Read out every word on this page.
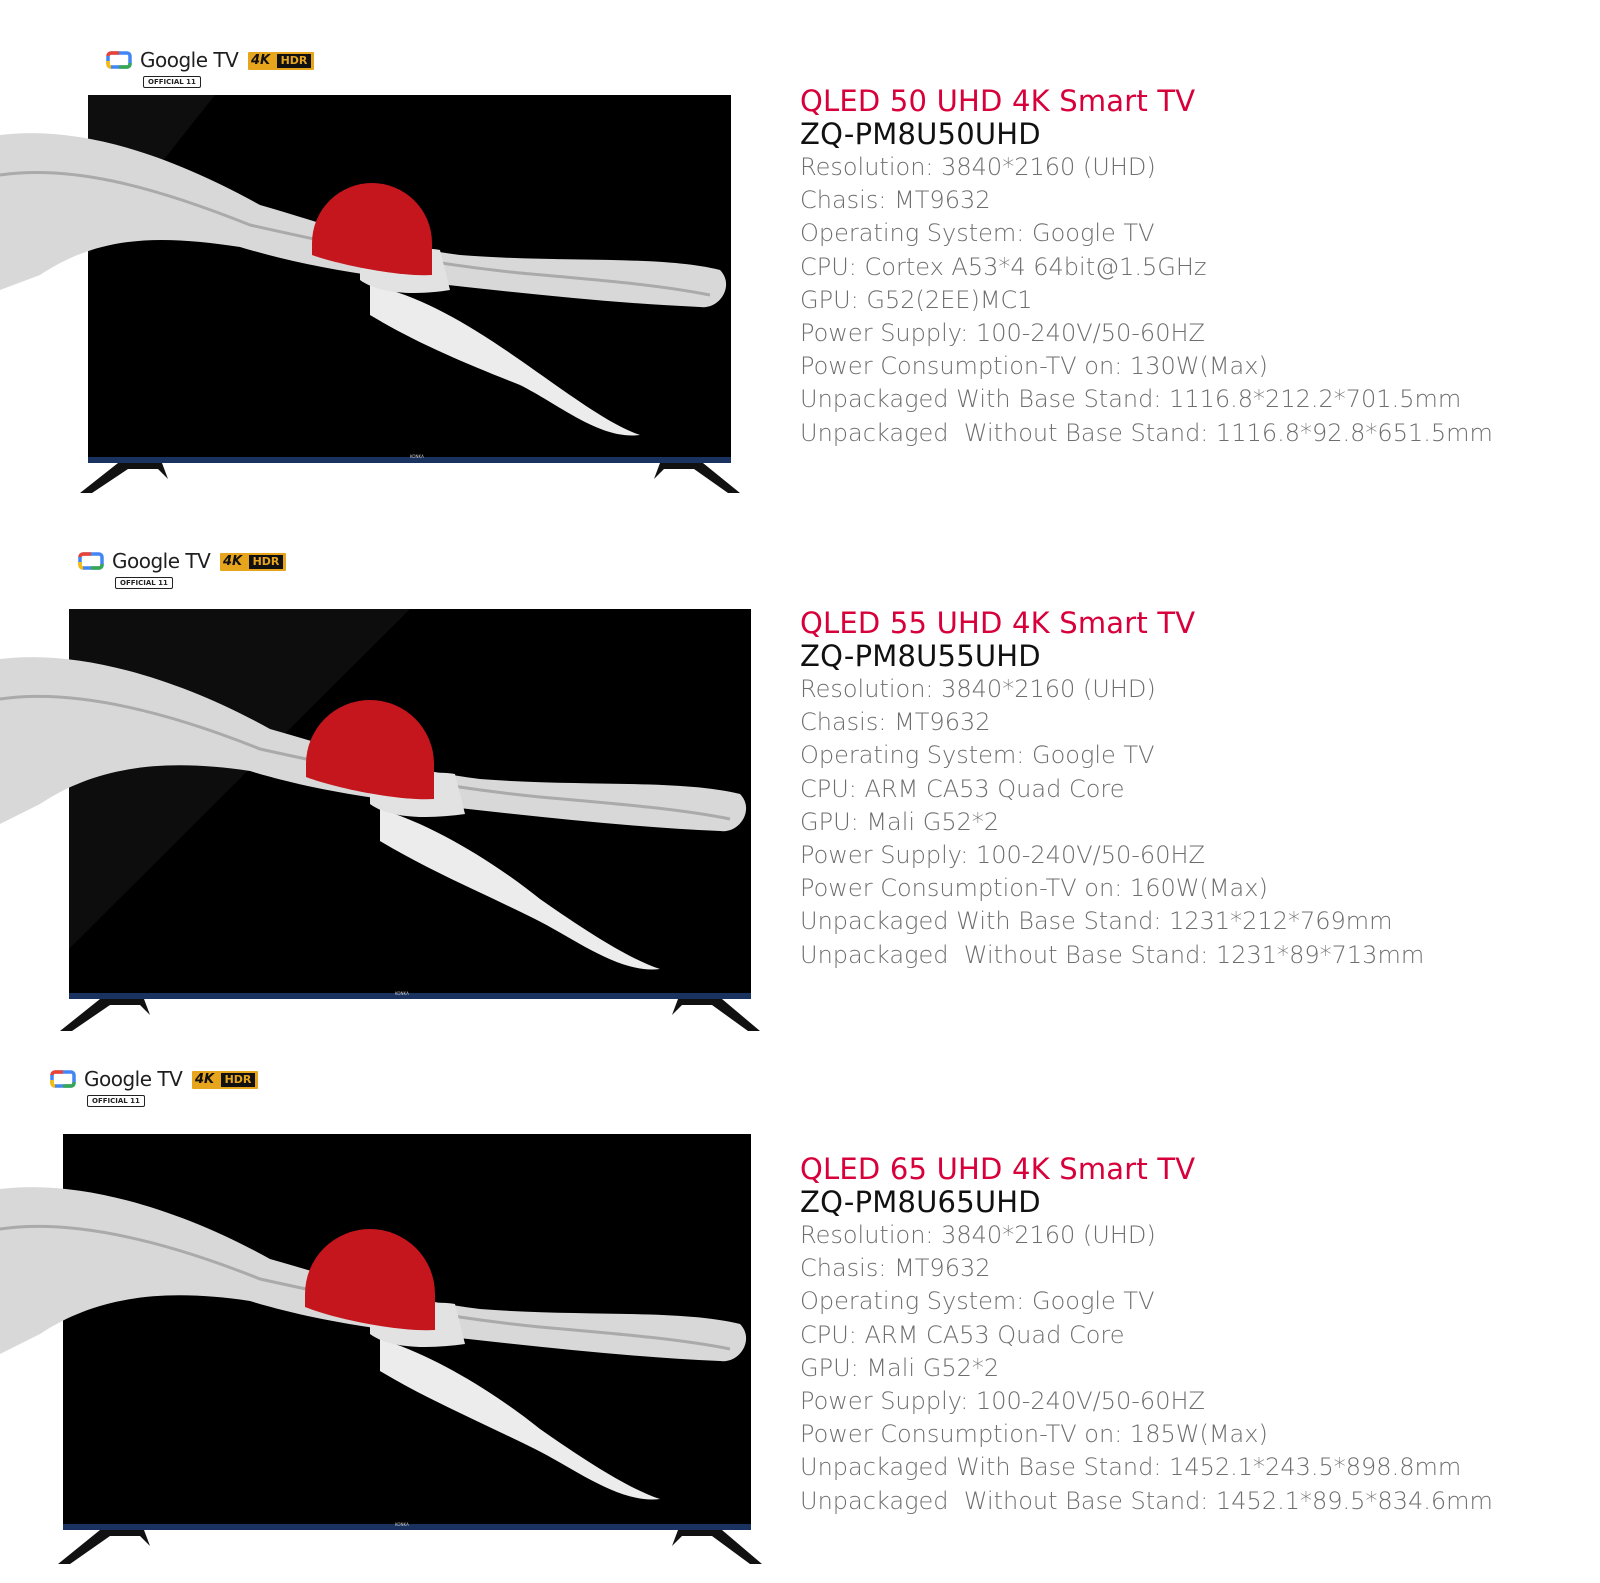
Google TV 4K HDR
OFFICIAL 11
KONKA
QLED 50 UHD 4K Smart TV
ZQ-PM8U50UHD
Resolution: 3840*2160 (UHD)
Chasis: MT9632
Operating System: Google TV
CPU: Cortex A53*4 64bit@1.5GHz
GPU: G52(2EE)MC1
Power Supply: 100-240V/50-60HZ
Power Consumption-TV on: 130W(Max)
Unpackaged With Base Stand: 1116.8*212.2*701.5mm
Unpackaged  Without Base Stand: 1116.8*92.8*651.5mm
Google TV 4K HDR
OFFICIAL 11
KONKA
QLED 55 UHD 4K Smart TV
ZQ-PM8U55UHD
Resolution: 3840*2160 (UHD)
Chasis: MT9632
Operating System: Google TV
CPU: ARM CA53 Quad Core
GPU: Mali G52*2
Power Supply: 100-240V/50-60HZ
Power Consumption-TV on: 160W(Max)
Unpackaged With Base Stand: 1231*212*769mm
Unpackaged  Without Base Stand: 1231*89*713mm
Google TV 4K HDR
OFFICIAL 11
KONKA
QLED 65 UHD 4K Smart TV
ZQ-PM8U65UHD
Resolution: 3840*2160 (UHD)
Chasis: MT9632
Operating System: Google TV
CPU: ARM CA53 Quad Core
GPU: Mali G52*2
Power Supply: 100-240V/50-60HZ
Power Consumption-TV on: 185W(Max)
Unpackaged With Base Stand: 1452.1*243.5*898.8mm
Unpackaged  Without Base Stand: 1452.1*89.5*834.6mm
